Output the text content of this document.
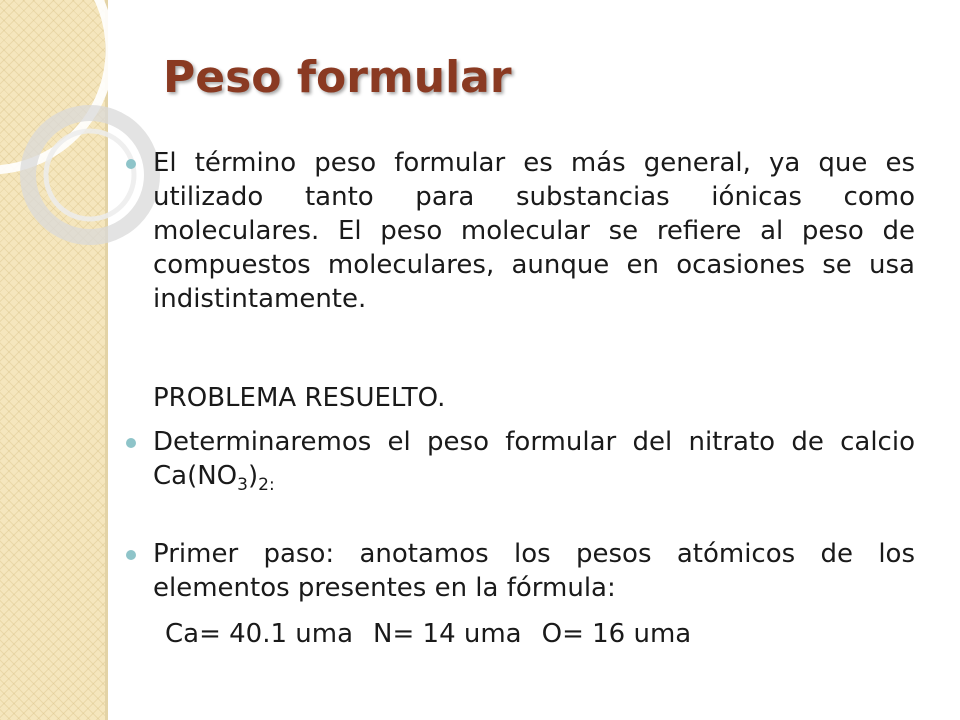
Peso formular

El término peso formular es más general, ya que es utilizado tanto para substancias iónicas como moleculares. El peso molecular se refiere al peso de compuestos moleculares, aunque en ocasiones se usa indistintamente.

PROBLEMA RESUELTO.

Determinaremos el peso formular del nitrato de calcio $Ca(NO_3)_{2:}$

Primer paso: anotamos los pesos atómicos de los elementos presentes en la fórmula:

Ca= 40.1 uma N= 14 uma O= 16 uma
